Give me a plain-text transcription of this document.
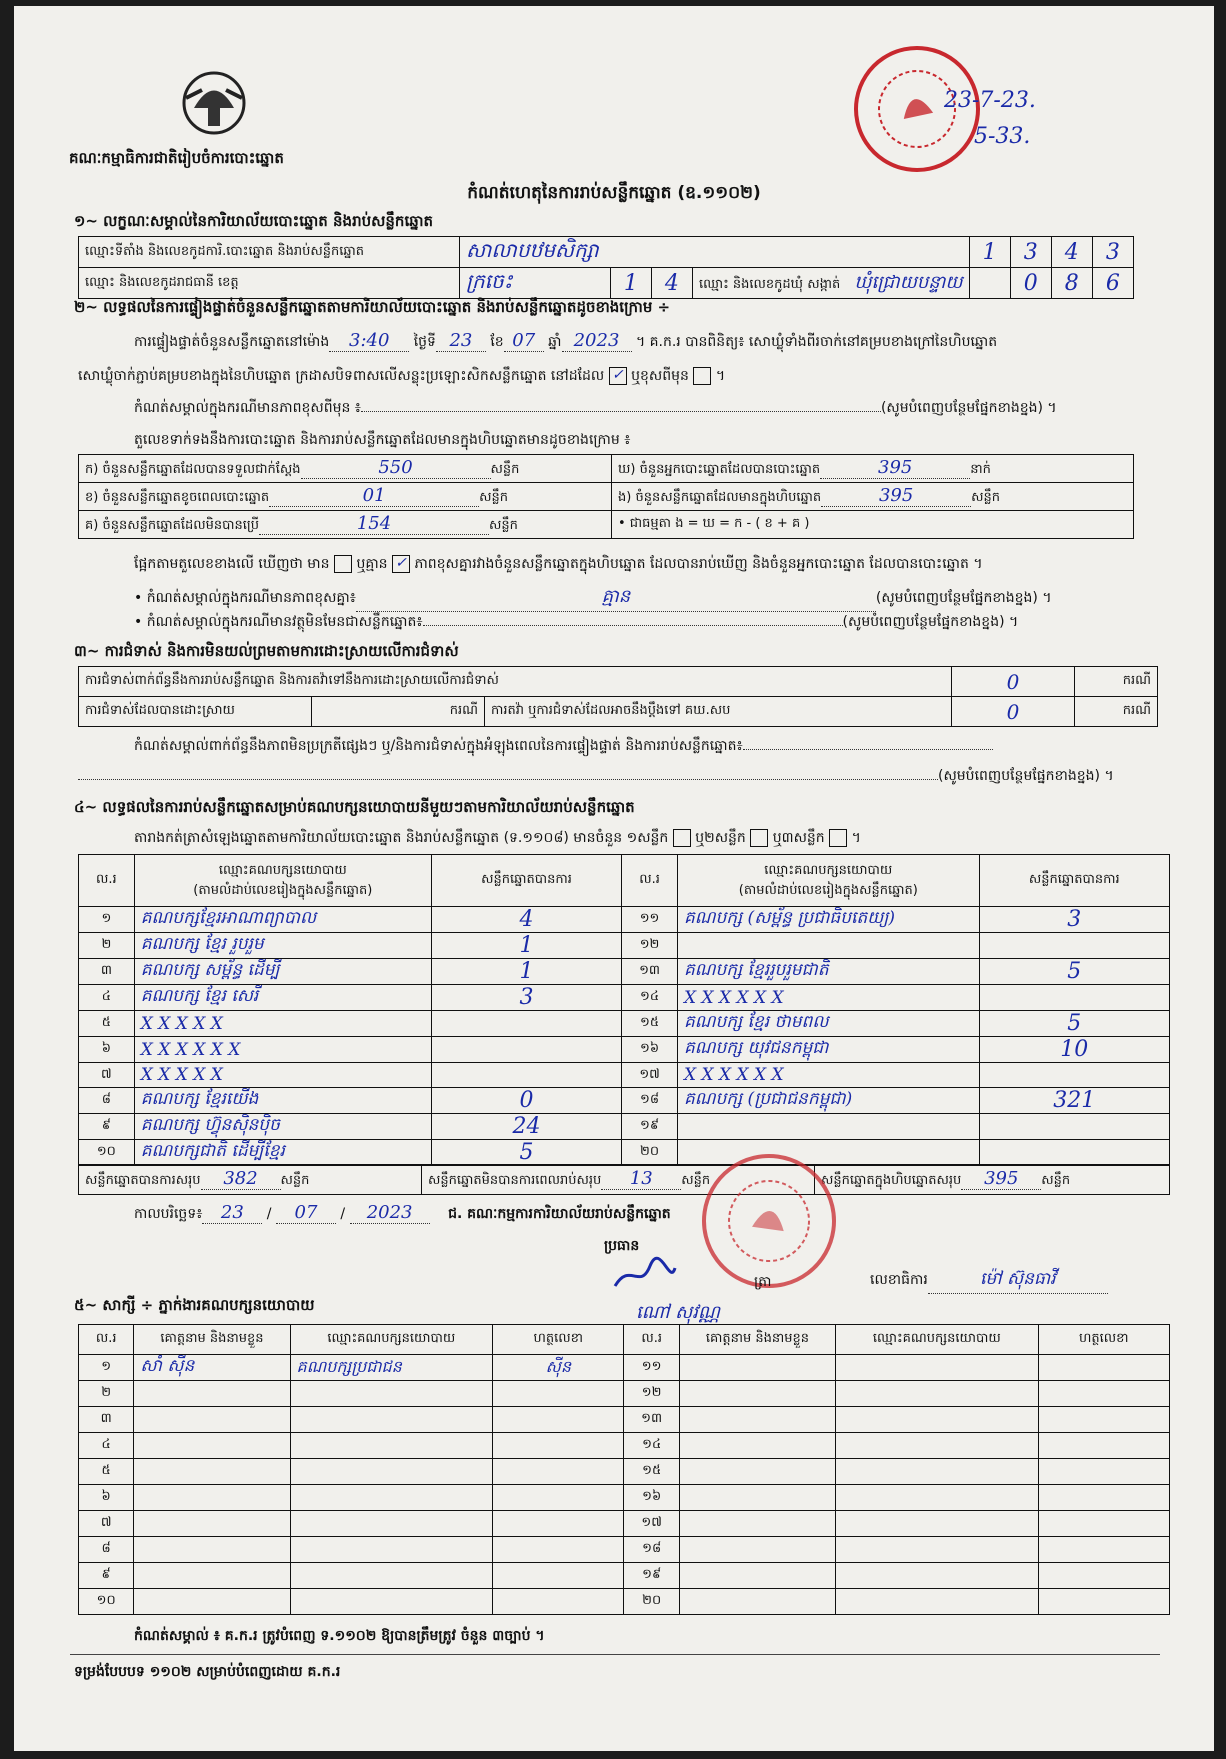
គណៈកម្មាធិការជាតិរៀបចំការបោះឆ្នោត
23-7-23.
5-33.
កំណត់ហេតុនៃការរាប់សន្លឹកឆ្នោត (ឧ.១១០២)
១~ លក្ខណៈសម្គាល់នៃការិយាល័យបោះឆ្នោត និងរាប់សន្លឹកឆ្នោត
ឈ្មោះទីតាំង និងលេខកូដការិ.បោះឆ្នោត និងរាប់សន្លឹកឆ្នោត	សាលាបឋមសិក្សា				1	3	4	3
ឈ្មោះ និងលេខកូដរាជធានី ខេត្ត	ក្រចេះ	1	4	ឈ្មោះ និងលេខកូដឃុំ សង្កាត់ ឃុំជ្រោយបន្ទាយ		0	8	6
២~ លទ្ធផលនៃការផ្ទៀងផ្ទាត់ចំនួនសន្លឹកឆ្នោតតាមការិយាល័យបោះឆ្នោត និងរាប់សន្លឹកឆ្នោតដូចខាងក្រោម ÷
ការផ្ទៀងផ្ទាត់ចំនួនសន្លឹកឆ្នោតនៅម៉ោង 3:40 ថ្ងៃទី 23 ខែ 07 ឆ្នាំ 2023 ។ គ.ក.រ បានពិនិត្យ៖ សោឃ្លុំទាំងពីរចាក់នៅគម្របខាងក្រៅនៃហិបឆ្នោត
សោឃ្លុំចាក់ភ្ជាប់គម្របខាងក្នុងនៃហិបឆ្នោត ក្រដាសបិទពាសលើសន្លុះប្រឡោះសិកសន្លឹកឆ្នោត នៅដដែល ✓ ឬខុសពីមុន ។
កំណត់សម្គាល់ក្នុងករណីមានភាពខុសពីមុន ៖	(សូមបំពេញបន្ថែមផ្នែកខាងខ្នង) ។
តួលេខទាក់ទងនឹងការបោះឆ្នោត និងការរាប់សន្លឹកឆ្នោតដែលមានក្នុងហិបឆ្នោតមានដូចខាងក្រោម ៖
ក) ចំនួនសន្លឹកឆ្នោតដែលបានទទួលជាក់ស្តែង 550 សន្លឹក	ឃ) ចំនួនអ្នកបោះឆ្នោតដែលបានបោះឆ្នោត 395 នាក់
ខ) ចំនួនសន្លឹកឆ្នោតខូចពេលបោះឆ្នោត 01 សន្លឹក	ង) ចំនួនសន្លឹកឆ្នោតដែលមានក្នុងហិបឆ្នោត 395 សន្លឹក
គ) ចំនួនសន្លឹកឆ្នោតដែលមិនបានប្រើ 154 សន្លឹក	• ជាធម្មតា ង = ឃ = ក - ( ខ + គ )
ផ្អែកតាមតួលេខខាងលើ ឃើញថា មាន ឬគ្មាន ✓ ភាពខុសគ្នារវាងចំនួនសន្លឹកឆ្នោតក្នុងហិបឆ្នោត ដែលបានរាប់ឃើញ និងចំនួនអ្នកបោះឆ្នោត ដែលបានបោះឆ្នោត ។
• កំណត់សម្គាល់ក្នុងករណីមានភាពខុសគ្នា៖	គ្មាន	(សូមបំពេញបន្ថែមផ្នែកខាងខ្នង) ។
• កំណត់សម្គាល់ក្នុងករណីមានវត្ថុមិនមែនជាសន្លឹកឆ្នោត៖	(សូមបំពេញបន្ថែមផ្នែកខាងខ្នង) ។
៣~ ការជំទាស់ និងការមិនយល់ព្រមតាមការដោះស្រាយលើការជំទាស់
ការជំទាស់ពាក់ព័ន្ធនឹងការរាប់សន្លឹកឆ្នោត និងការតវ៉ាទៅនឹងការដោះស្រាយលើការជំទាស់			0	ករណី
ការជំទាស់ដែលបានដោះស្រាយ	ករណី	ការតវ៉ា ឬការជំទាស់ដែលអាចនឹងប្តឹងទៅ គឃ.សប	0	ករណី
កំណត់សម្គាល់ពាក់ព័ន្ធនឹងភាពមិនប្រក្រតីផ្សេងៗ ឬ/និងការជំទាស់ក្នុងអំឡុងពេលនៃការផ្ទៀងផ្ទាត់ និងការរាប់សន្លឹកឆ្នោត៖
(សូមបំពេញបន្ថែមផ្នែកខាងខ្នង) ។
៤~ លទ្ធផលនៃការរាប់សន្លឹកឆ្នោតសម្រាប់គណបក្សនយោបាយនីមួយៗតាមការិយាល័យរាប់សន្លឹកឆ្នោត
តារាងកត់ត្រាសំឡេងឆ្នោតតាមការិយាល័យបោះឆ្នោត និងរាប់សន្លឹកឆ្នោត (ទ.១១០៨) មានចំនួន ១សន្លឹក ឬ២សន្លឹក ឬ៣សន្លឹក ។
ល.រ	ឈ្មោះគណបក្សនយោបាយ
(តាមលំដាប់លេខរៀងក្នុងសន្លឹកឆ្នោត)	សន្លឹកឆ្នោតបានការ	ល.រ	ឈ្មោះគណបក្សនយោបាយ
(តាមលំដាប់លេខរៀងក្នុងសន្លឹកឆ្នោត)	សន្លឹកឆ្នោតបានការ
១	គណបក្សខ្មែរអាណាព្យាបាល	4	១១	គណបក្ស (សម្ព័ន្ធ ប្រជាធិបតេយ្យ)	3
២	គណបក្ស ខ្មែរ រួបរួម	1	១២		
៣	គណបក្ស សម្ព័ន្ធ ដើម្បី	1	១៣	គណបក្ស ខ្មែររួបរួមជាតិ	5
៤	គណបក្ស ខ្មែរ សេរី	3	១៤	X X X X X X	
៥	X X X X X		១៥	គណបក្ស ខ្មែរ ថាមពល	5
៦	X X X X X X		១៦	គណបក្ស យុវជនកម្ពុជា	10
៧	X X X X X		១៧	X X X X X X	
៨	គណបក្ស ខ្មែរយើង	0	១៨	គណបក្ស (ប្រជាជនកម្ពុជា)	321
៩	គណបក្ស ហ៊្វុនស៊ិនប៉ិច	24	១៩		
១០	គណបក្សជាតិ ដើម្បីខ្មែរ	5	២០		
សន្លឹកឆ្នោតបានការសរុប 382 សន្លឹក	សន្លឹកឆ្នោតមិនបានការពេលរាប់សរុប 13 សន្លឹក	សន្លឹកឆ្នោតក្នុងហិបឆ្នោតសរុប 395 សន្លឹក
កាលបរិច្ឆេទ៖ 23 / 07 / 2023	ជ. គណៈកម្មការការិយាល័យរាប់សន្លឹកឆ្នោត
ប្រធាន
ត្រា
ណៅ សុវណ្ណ
លេខាធិការ	ម៉ៅ ស៊ុនធាវី
៥~ សាក្សី ÷ ភ្នាក់ងារគណបក្សនយោបាយ
ល.រ	គោត្តនាម និងនាមខ្លួន	ឈ្មោះគណបក្សនយោបាយ	ហត្ថលេខា	ល.រ	គោត្តនាម និងនាមខ្លួន	ឈ្មោះគណបក្សនយោបាយ	ហត្ថលេខា
១	សាំ ស៊ីន	គណបក្សប្រជាជន	ស៊ីន	១១			
២				១២			
៣				១៣			
៤				១៤			
៥				១៥			
៦				១៦			
៧				១៧			
៨				១៨			
៩				១៩			
១០				២០			
កំណត់សម្គាល់ ៖ គ.ក.រ ត្រូវបំពេញ ទ.១១០២ ឱ្យបានត្រឹមត្រូវ ចំនួន ៣ច្បាប់ ។
ទម្រង់បែបបទ ១១០២ សម្រាប់បំពេញដោយ គ.ក.រ
